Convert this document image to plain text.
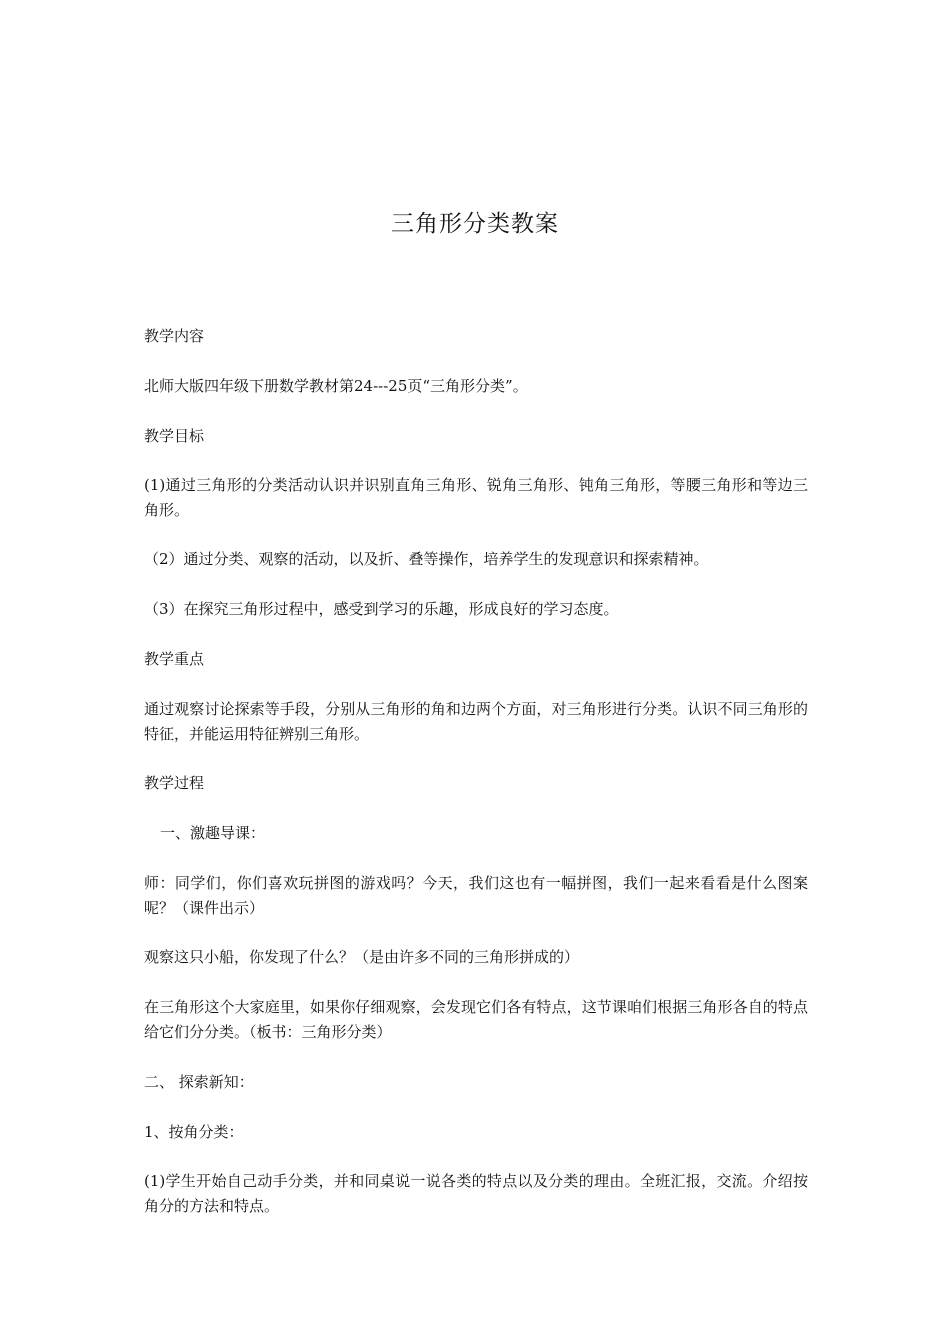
三角形分类教案

教学内容

北师大版四年级下册数学教材第24---25页“三角形分类”。

教学目标

(1)通过三角形的分类活动认识并识别直角三角形、锐角三角形、钝角三角形，等腰三角形和等边三角形。

（2）通过分类、观察的活动，以及折、叠等操作，培养学生的发现意识和探索精神。

（3）在探究三角形过程中，感受到学习的乐趣，形成良好的学习态度。

教学重点

通过观察讨论探索等手段，分别从三角形的角和边两个方面，对三角形进行分类。认识不同三角形的特征，并能运用特征辨别三角形。

教学过程

一、激趣导课：

师：同学们，你们喜欢玩拼图的游戏吗？今天，我们这也有一幅拼图，我们一起来看看是什么图案呢？（课件出示）

观察这只小船，你发现了什么？（是由许多不同的三角形拼成的）

在三角形这个大家庭里，如果你仔细观察，会发现它们各有特点，这节课咱们根据三角形各自的特点给它们分分类。（板书：三角形分类）

二、 探索新知：

1、按角分类：

(1)学生开始自己动手分类，并和同桌说一说各类的特点以及分类的理由。全班汇报，交流。介绍按角分的方法和特点。
